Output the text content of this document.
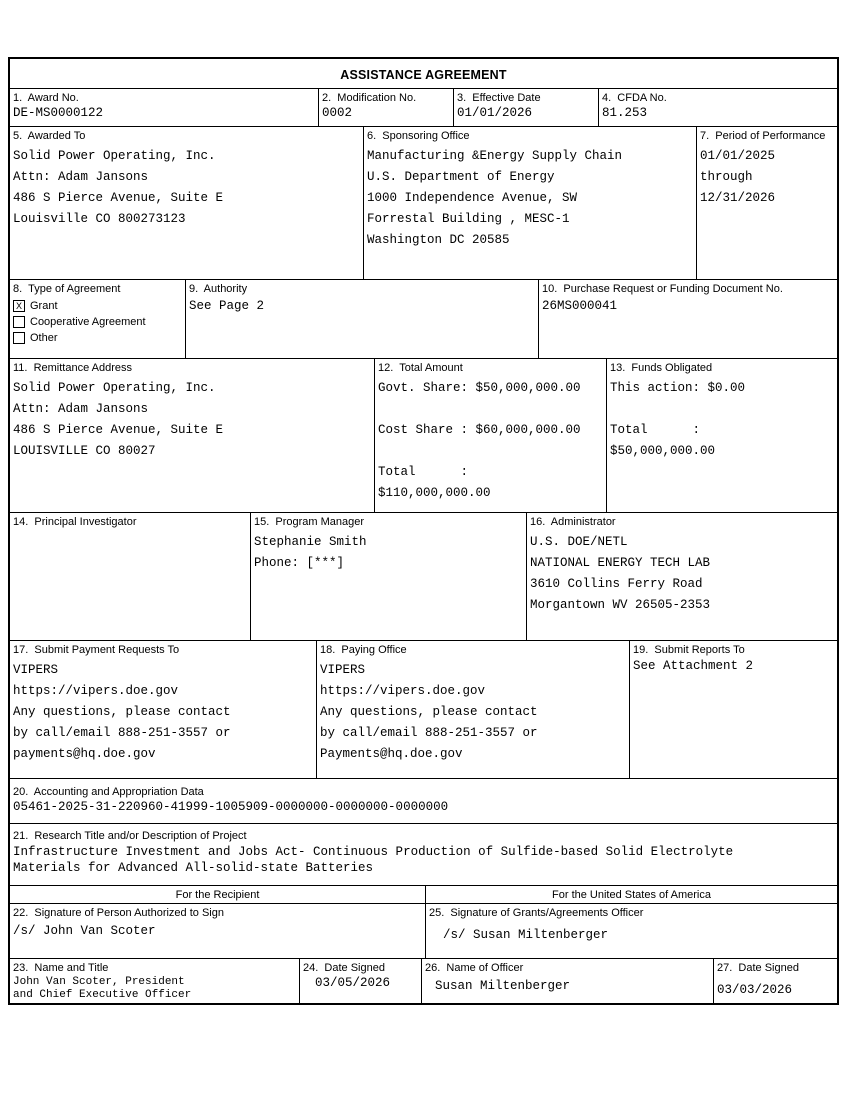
ASSISTANCE AGREEMENT
1.  Award No.
DE-MS0000122
2.  Modification No.
0002
3.  Effective Date
01/01/2026
4.  CFDA No.
81.253
5.  Awarded To
Solid Power Operating, Inc.
Attn: Adam Jansons
486 S Pierce Avenue, Suite E
Louisville CO 800273123
6.  Sponsoring Office
Manufacturing &Energy Supply Chain
U.S. Department of Energy
1000 Independence Avenue, SW
Forrestal Building , MESC-1
Washington DC 20585
7.  Period of Performance
01/01/2025
through
12/31/2026
8.  Type of Agreement
X Grant
Cooperative Agreement
Other
9.  Authority
See Page 2
10.  Purchase Request or Funding Document No.
26MS000041
11.  Remittance Address
Solid Power Operating, Inc.
Attn: Adam Jansons
486 S Pierce Avenue, Suite E
LOUISVILLE CO 80027
12.  Total Amount
Govt. Share: $50,000,000.00
Cost Share : $60,000,000.00
Total      :
$110,000,000.00
13.  Funds Obligated
This action: $0.00
Total      :
$50,000,000.00
14.  Principal Investigator	15.  Program Manager
Stephanie Smith
Phone: [***]
16.  Administrator
U.S. DOE/NETL
NATIONAL ENERGY TECH LAB
3610 Collins Ferry Road
Morgantown WV 26505-2353
17.  Submit Payment Requests To
VIPERS
https://vipers.doe.gov
Any questions, please contact
by call/email 888-251-3557 or
payments@hq.doe.gov
18.  Paying Office
VIPERS
https://vipers.doe.gov
Any questions, please contact
by call/email 888-251-3557 or
Payments@hq.doe.gov
19.  Submit Reports To
See Attachment 2
20.  Accounting and Appropriation Data
05461-2025-31-220960-41999-1005909-0000000-0000000-0000000
21.  Research Title and/or Description of Project
Infrastructure Investment and Jobs Act- Continuous Production of Sulfide-based Solid Electrolyte
Materials for Advanced All-solid-state Batteries
For the Recipient	For the United States of America
22.  Signature of Person Authorized to Sign
/s/ John Van Scoter
25.  Signature of Grants/Agreements Officer
/s/ Susan Miltenberger
23.  Name and Title
John Van Scoter, President
and Chief Executive Officer
24.  Date Signed
03/05/2026
26.  Name of Officer
Susan Miltenberger
27.  Date Signed
03/03/2026
